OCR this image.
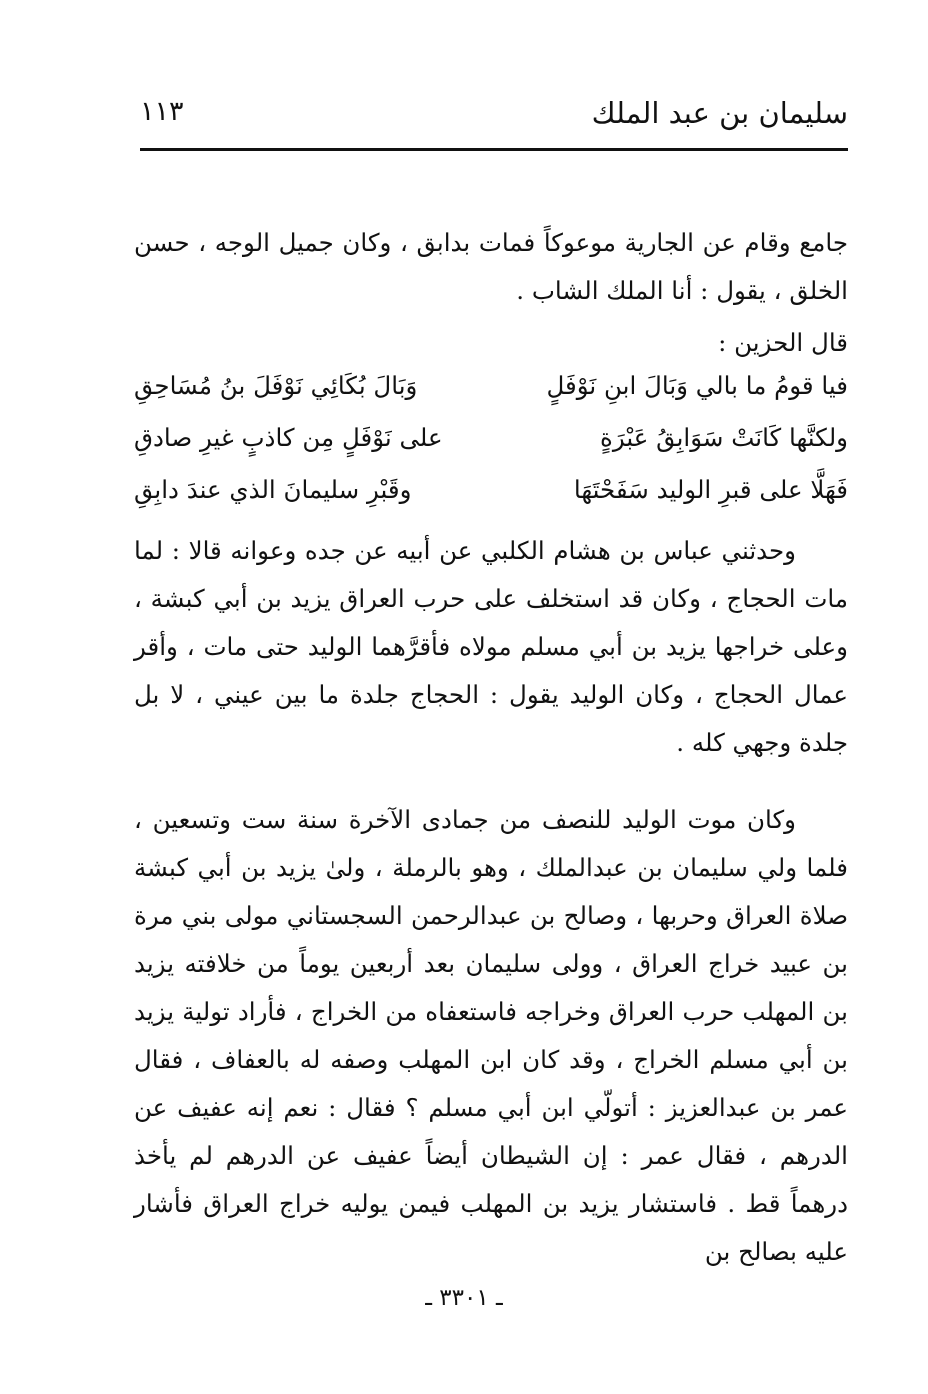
سليمان بن عبد الملك
١١٣

جامع وقام عن الجارية موعوكاً فمات بدابق ، وكان جميل الوجه ، حسن الخلق ، يقول : أنا الملك الشاب .

قال الحزين :
فيا قومُ ما بالي وَبَالَ ابنِ نَوْفَلٍ
وَبَالَ بُكَائِي نَوْفَلَ بنُ مُسَاحِقِ
ولكنَّها كَانَتْ سَوَابِقُ عَبْرَةٍ
على نَوْفَلٍ مِن كاذبٍ غيرِ صادقِ
فَهَلَّا على قبرِ الوليد سَفَحْتَهَا
وقَبْرِ سليمانَ الذي عندَ دابِقِ

وحدثني عباس بن هشام الكلبي عن أبيه عن جده وعوانه قالا : لما مات الحجاج ، وكان قد استخلف على حرب العراق يزيد بن أبي كبشة ، وعلى خراجها يزيد بن أبي مسلم مولاه فأقرَّهما الوليد حتى مات ، وأقر عمال الحجاج ، وكان الوليد يقول : الحجاج جلدة ما بين عيني ، لا بل جلدة وجهي كله .

وكان موت الوليد للنصف من جمادى الآخرة سنة ست وتسعين ، فلما ولي سليمان بن عبدالملك ، وهو بالرملة ، ولىٰ يزيد بن أبي كبشة صلاة العراق وحربها ، وصالح بن عبدالرحمن السجستاني مولى بني مرة بن عبيد خراج العراق ، وولى سليمان بعد أربعين يوماً من خلافته يزيد بن المهلب حرب العراق وخراجه فاستعفاه من الخراج ، فأراد تولية يزيد بن أبي مسلم الخراج ، وقد كان ابن المهلب وصفه له بالعفاف ، فقال عمر بن عبدالعزيز : أتولّي ابن أبي مسلم ؟ فقال : نعم إنه عفيف عن الدرهم ، فقال عمر : إن الشيطان أيضاً عفيف عن الدرهم لم يأخذ درهماً قط . فاستشار يزيد بن المهلب فيمن يوليه خراج العراق فأشار عليه بصالح بن

ـ ٣٣٠١ ـ
